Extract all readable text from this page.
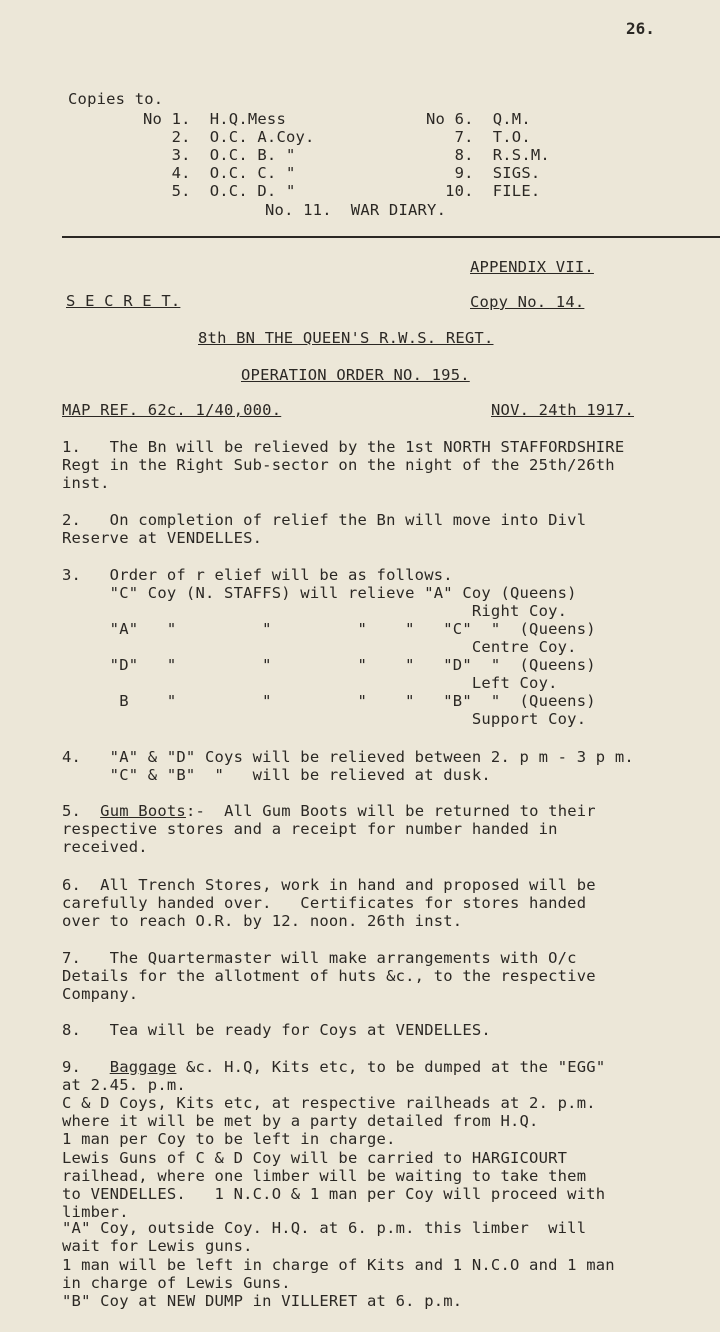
26.
Copies to.
No 1.  H.Q.Mess	No 6.  Q.M.
2.  O.C. A.Coy.	7.  T.O.
3.  O.C. B. "	8.  R.S.M.
4.  O.C. C. "	9.  SIGS.
5.  O.C. D. "	10.  FILE.
No. 11.  WAR DIARY.
APPENDIX VII.
S E C R E T.	Copy No. 14.
8th BN THE QUEEN'S R.W.S. REGT.
OPERATION ORDER NO. 195.
MAP REF. 62c. 1/40,000.	NOV. 24th 1917.
1.   The Bn will be relieved by the 1st NORTH STAFFORDSHIRE
Regt in the Right Sub-sector on the night of the 25th/26th
inst.
2.   On completion of relief the Bn will move into Divl
Reserve at VENDELLES.
3.   Order of r elief will be as follows.
"C" Coy (N. STAFFS) will relieve "A" Coy (Queens)
Right Coy.
"A"   "         "         "    "   "C"  "  (Queens)
Centre Coy.
"D"   "         "         "    "   "D"  "  (Queens)
Left Coy.
B    "         "         "    "   "B"  "  (Queens)
Support Coy.
4.   "A" & "D" Coys will be relieved between 2. p m - 3 p m.
"C" & "B"  "   will be relieved at dusk.
5. Gum Boots:-  All Gum Boots will be returned to their
respective stores and a receipt for number handed in
received.
6.  All Trench Stores, work in hand and proposed will be
carefully handed over.   Certificates for stores handed
over to reach O.R. by 12. noon. 26th inst.
7.   The Quartermaster will make arrangements with O/c
Details for the allotment of huts &c., to the respective
Company.
8.   Tea will be ready for Coys at VENDELLES.
9. Baggage &c. H.Q, Kits etc, to be dumped at the "EGG"
at 2.45. p.m.
C & D Coys, Kits etc, at respective railheads at 2. p.m.
where it will be met by a party detailed from H.Q.
1 man per Coy to be left in charge.
Lewis Guns of C & D Coy will be carried to HARGICOURT
railhead, where one limber will be waiting to take them
to VENDELLES.   1 N.C.O & 1 man per Coy will proceed with
limber.
"A" Coy, outside Coy. H.Q. at 6. p.m. this limber  will
wait for Lewis guns.
1 man will be left in charge of Kits and 1 N.C.O and 1 man
in charge of Lewis Guns.
"B" Coy at NEW DUMP in VILLERET at 6. p.m.
